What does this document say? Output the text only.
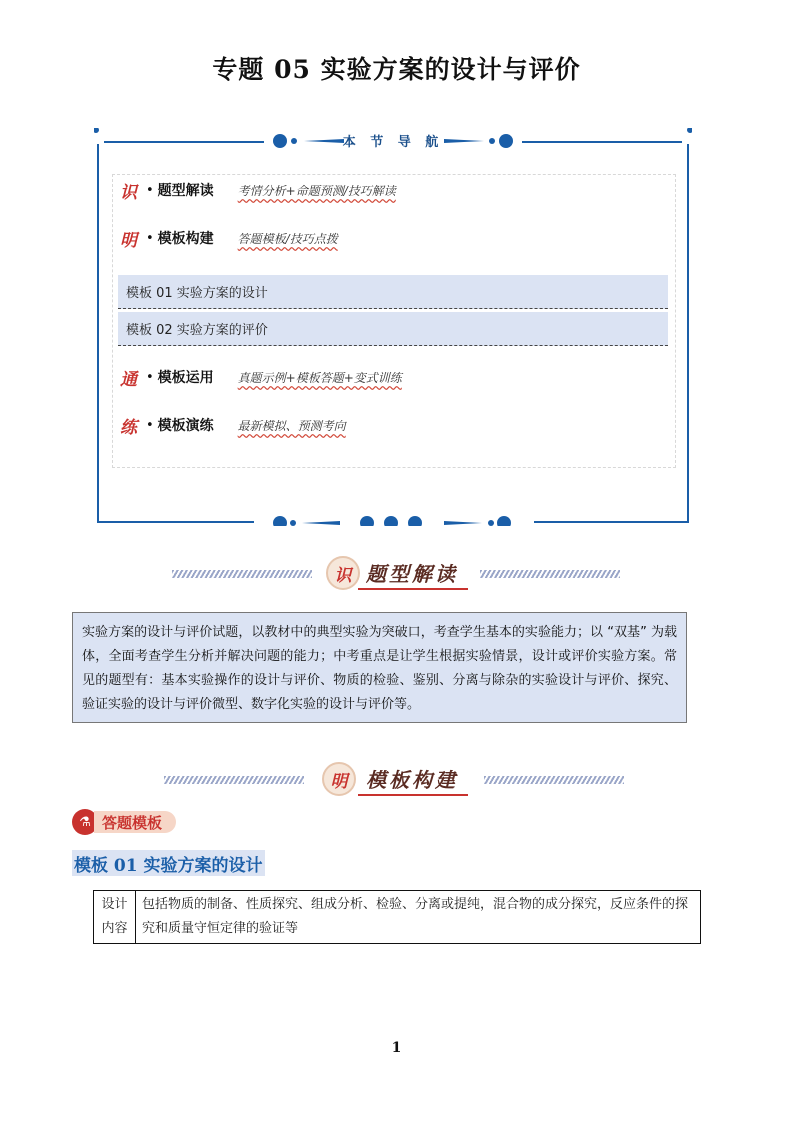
专题 05 实验方案的设计与评价
本 节 导 航
识 • 题型解读	考情分析+命题预测/技巧解读
明 • 模板构建	答题模板/技巧点拨
通 • 模板运用	真题示例+模板答题+变式训练
练 • 模板演练	最新模拟、预测考向
模板 01 实验方案的设计
模板 02 实验方案的评价
识 题型解读
实验方案的设计与评价试题，以教材中的典型实验为突破口，考查学生基本的实验能力；以 “双基” 为载体，全面考查学生分析并解决问题的能力；中考重点是让学生根据实验情景，设计或评价实验方案。常见的题型有：基本实验操作的设计与评价、物质的检验、鉴别、分离与除杂的实验设计与评价、探究、验证实验的设计与评价微型、数字化实验的设计与评价等。
明 模板构建
⚗ 答题模板
模板 01 实验方案的设计
设计内容	包括物质的制备、性质探究、组成分析、检验、分离或提纯，混合物的成分探究，反应条件的探究和质量守恒定律的验证等
1
